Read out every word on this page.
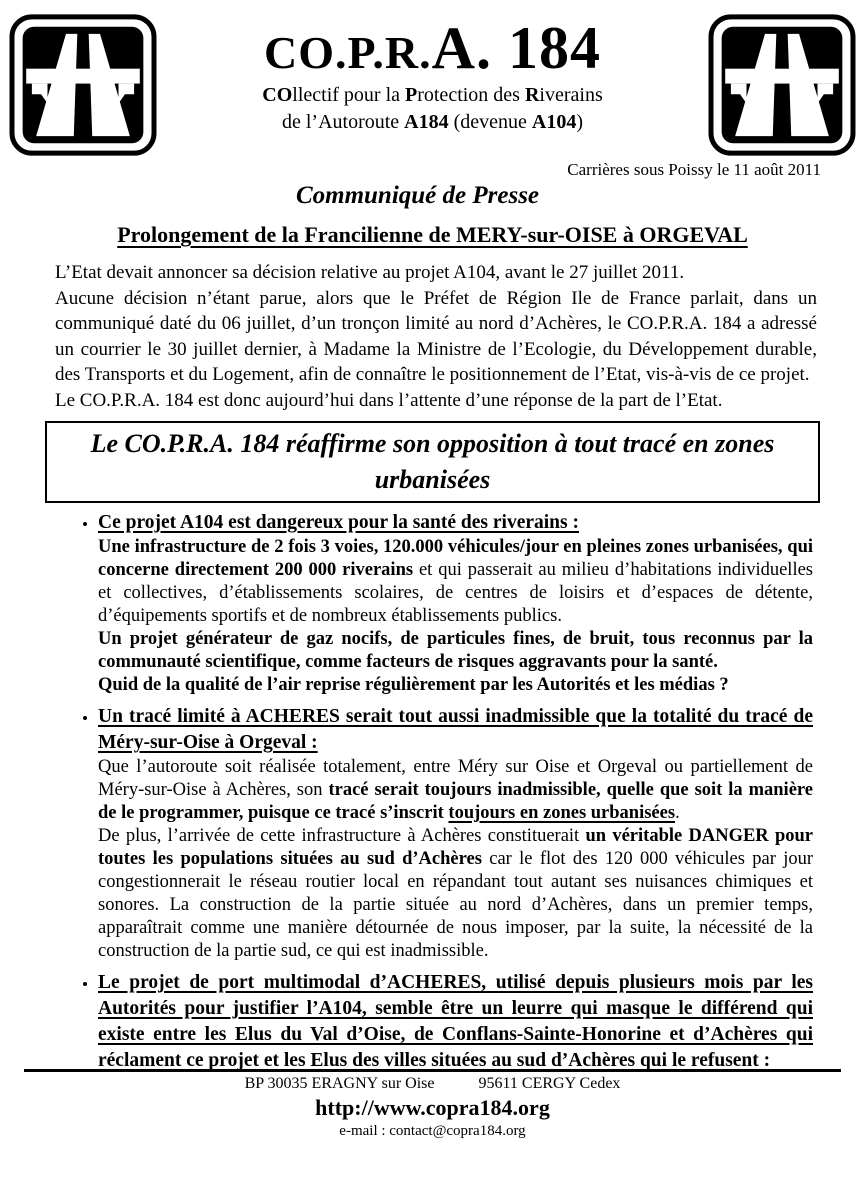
CO.P.R.A. 184

COllectif pour la Protection des Riverains

de l’Autoroute A184 (devenue A104)

Carrières sous Poissy le 11 août 2011

Communiqué de Presse
Prolongement de la Francilienne de MERY-sur-OISE à ORGEVAL

L’Etat devait annoncer sa décision relative au projet A104, avant le 27 juillet 2011.

Aucune décision n’étant parue, alors que le Préfet de Région Ile de France parlait, dans un communiqué daté du 06 juillet, d’un tronçon limité au nord d’Achères, le CO.P.R.A. 184 a adressé un courrier le 30 juillet dernier, à Madame la Ministre de l’Ecologie, du Développement durable, des Transports et du Logement, afin de connaître le positionnement de l’Etat, vis-à-vis de ce projet.

Le CO.P.R.A. 184 est donc aujourd’hui dans l’attente d’une réponse de la part de l’Etat.

Le CO.P.R.A. 184 réaffirme son opposition à tout tracé en zones urbanisées

• Ce projet A104 est dangereux pour la santé des riverains :

Une infrastructure de 2 fois 3 voies, 120.000 véhicules/jour en pleines zones urbanisées, qui concerne directement 200 000 riverains et qui passerait au milieu d’habitations individuelles et collectives, d’établissements scolaires, de centres de loisirs et d’espaces de détente, d’équipements sportifs et de nombreux établissements publics.

Un projet générateur de gaz nocifs, de particules fines, de bruit, tous reconnus par la communauté scientifique, comme facteurs de risques aggravants pour la santé.

Quid de la qualité de l’air reprise régulièrement par les Autorités et les médias ?

• Un tracé limité à ACHERES serait tout aussi inadmissible que la totalité du tracé de Méry-sur-Oise à Orgeval :

Que l’autoroute soit réalisée totalement, entre Méry sur Oise et Orgeval ou partiellement de Méry-sur-Oise à Achères, son tracé serait toujours inadmissible, quelle que soit la manière de le programmer, puisque ce tracé s’inscrit toujours en zones urbanisées.

De plus, l’arrivée de cette infrastructure à Achères constituerait un véritable DANGER pour toutes les populations situées au sud d’Achères car le flot des 120 000 véhicules par jour congestionnerait le réseau routier local en répandant tout autant ses nuisances chimiques et sonores. La construction de la partie située au nord d’Achères, dans un premier temps, apparaîtrait comme une manière détournée de nous imposer, par la suite, la nécessité de la construction de la partie sud, ce qui est inadmissible.

• Le projet de port multimodal d’ACHERES, utilisé depuis plusieurs mois par les Autorités pour justifier l’A104, semble être un leurre qui masque le différend qui existe entre les Elus du Val d’Oise, de Conflans-Sainte-Honorine et d’Achères qui réclament ce projet et les Elus des villes situées au sud d’Achères qui le refusent :

BP 30035 ERAGNY sur Oise	95611 CERGY Cedex

http://www.copra184.org

e-mail : contact@copra184.org
